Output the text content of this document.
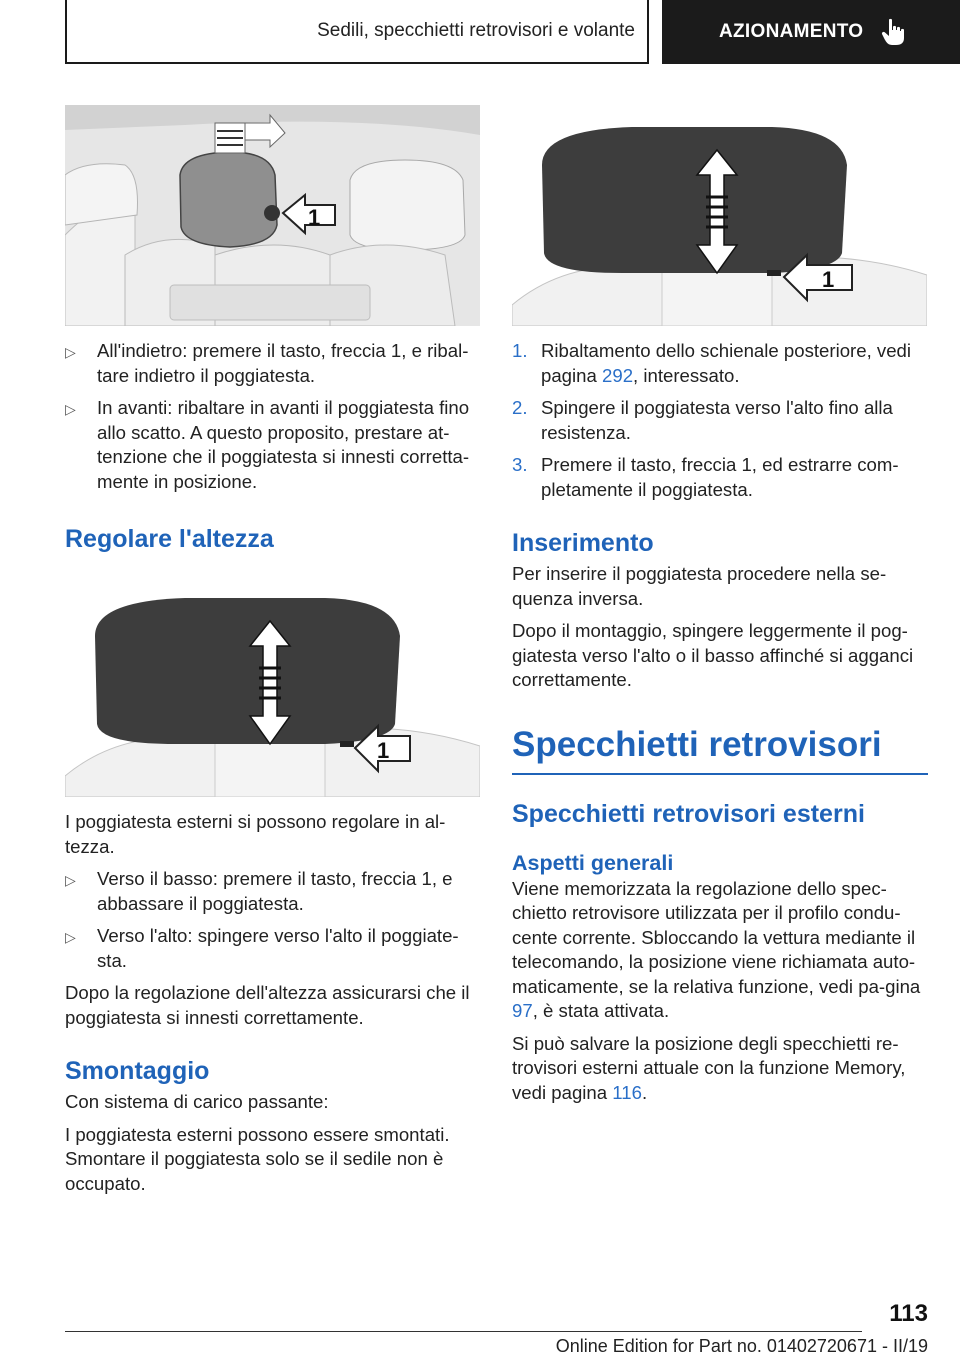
Sedili, specchietti retrovisori e volante	AZIONAMENTO
1
1
1
▷	All'indietro: premere il tasto, freccia 1, e ribal-tare indietro il poggiatesta.
▷	In avanti: ribaltare in avanti il poggiatesta fino allo scatto. A questo proposito, prestare at-tenzione che il poggiatesta si innesti corretta-mente in posizione.
Regolare l'altezza

I poggiatesta esterni si possono regolare in al-tezza.

▷	Verso il basso: premere il tasto, freccia 1, e abbassare il poggiatesta.
▷	Verso l'alto: spingere verso l'alto il poggiate-sta.

Dopo la regolazione dell'altezza assicurarsi che il poggiatesta si innesti correttamente.

Smontaggio

Con sistema di carico passante:

I poggiatesta esterni possono essere smontati. Smontare il poggiatesta solo se il sedile non è occupato.

1. Ribaltamento dello schienale posteriore, vedi pagina 292, interessato.
2. Spingere il poggiatesta verso l'alto fino alla resistenza.
3. Premere il tasto, freccia 1, ed estrarre com-pletamente il poggiatesta.
Inserimento

Per inserire il poggiatesta procedere nella se-quenza inversa.

Dopo il montaggio, spingere leggermente il pog-giatesta verso l'alto o il basso affinché si agganci correttamente.

Specchietti retrovisori
Specchietti retrovisori esterni
Aspetti generali

Viene memorizzata la regolazione dello spec-chietto retrovisore utilizzata per il profilo condu-cente corrente. Sbloccando la vettura mediante il telecomando, la posizione viene richiamata auto-maticamente, se la relativa funzione, vedi pa-gina 97, è stata attivata.

Si può salvare la posizione degli specchietti re-trovisori esterni attuale con la funzione Memory, vedi pagina 116.

113
Online Edition for Part no. 01402720671 - II/19
